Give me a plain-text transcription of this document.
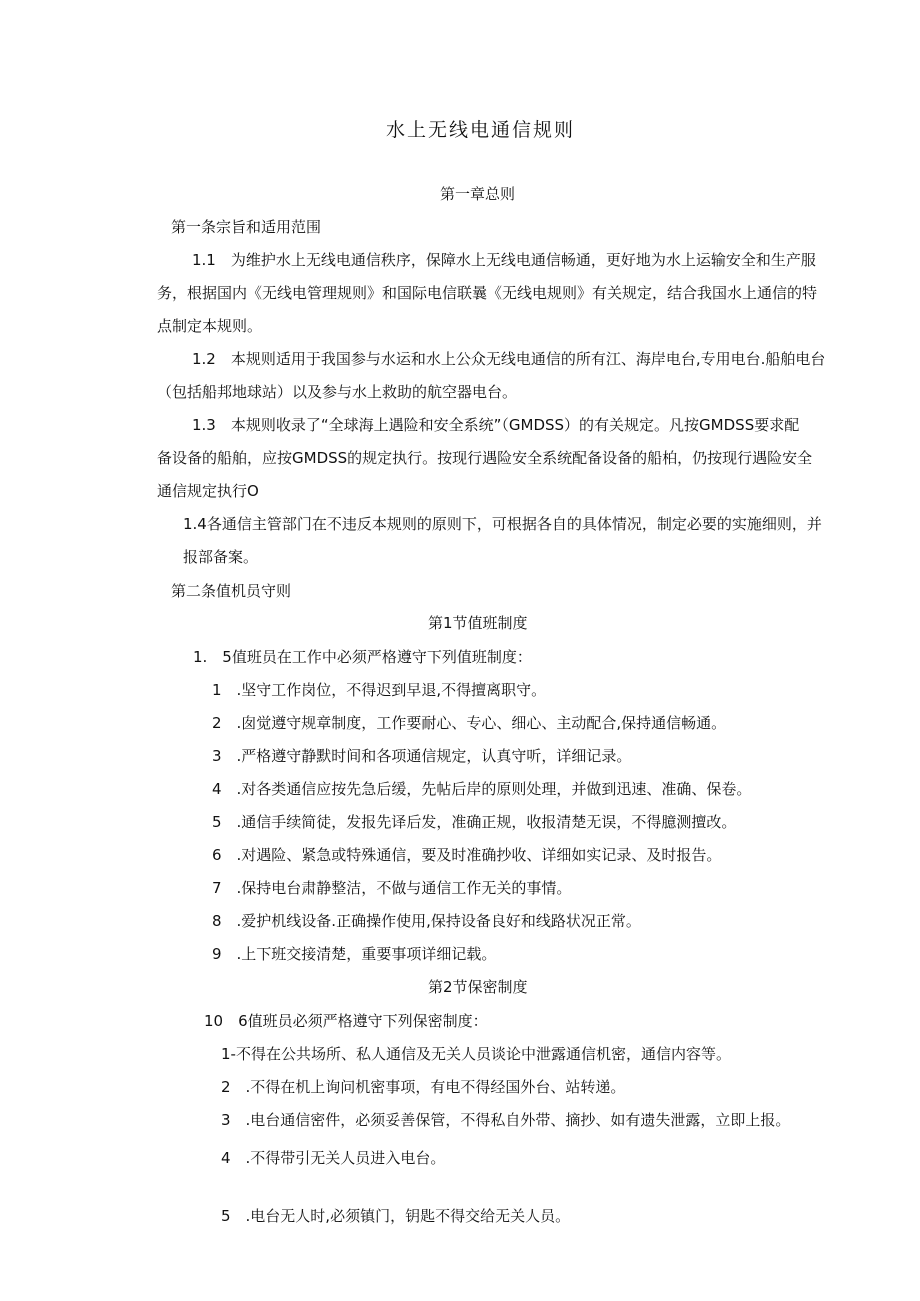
水上无线电通信规则
第一章总则
第一条宗旨和适用范围
1.1　为维护水上无线电通信秩序，保障水上无线电通信畅通，更好地为水上运输安全和生产服
务，根据国内《无线电管理规则》和国际电信联曩《无线电规则》有关规定，结合我国水上通信的特
点制定本规则。
1.2　本规则适用于我国参与水运和水上公众无线电通信的所有江、海岸电台,专用电台.船舶电台
（包括船邦地球站）以及参与水上救助的航空器电台。
1.3　本规则收录了“全球海上遇险和安全系统”（GMDSS）的有关规定。凡按GMDSS要求配
备设备的船舶，应按GMDSS的规定执行。按现行遇险安全系统配备设备的船柏，仍按现行遇险安全
通信规定执行O
1.4各通信主管部门在不违反本规则的原则下，可根据各自的具体情况，制定必要的实施细则，并
报部备案。
第二条值机员守则
第1节值班制度
1.　5值班员在工作中必须严格遵守下列值班制度：
1　.坚守工作岗位，不得迟到早退,不得擅离职守。
2　.囱觉遵守规章制度，工作要耐心、专心、细心、主动配合,保持通信畅通。
3　.严格遵守静默时间和各项通信规定，认真守听，详细记录。
4　.对各类通信应按先急后缓，先帖后岸的原则处理，并做到迅速、准确、保卷。
5　.通信手续简徒，发报先译后发，准确正规，收报清楚无误，不得臆测擅改。
6　.对遇险、紧急或特殊通信，要及时准确抄收、详细如实记录、及时报告。
7　.保持电台肃静整洁，不做与通信工作无关的事情。
8　.爱护机线设备.正确操作使用,保持设备良好和线路状况正常。
9　.上下班交接清楚，重要事项详细记载。
第2节保密制度
10　6值班员必须严格遵守下列保密制度：
1-不得在公共场所、私人通信及无关人员谈论中泄露通信机密，通信内容等。
2　.不得在机上询问机密事项，有电不得经国外台、站转递。
3　.电台通信密件，必须妥善保管，不得私自外带、摘抄、如有遗失泄露，立即上报。
4　.不得带引无关人员进入电台。
5　.电台无人时,必须镇门，钥匙不得交给无关人员。
